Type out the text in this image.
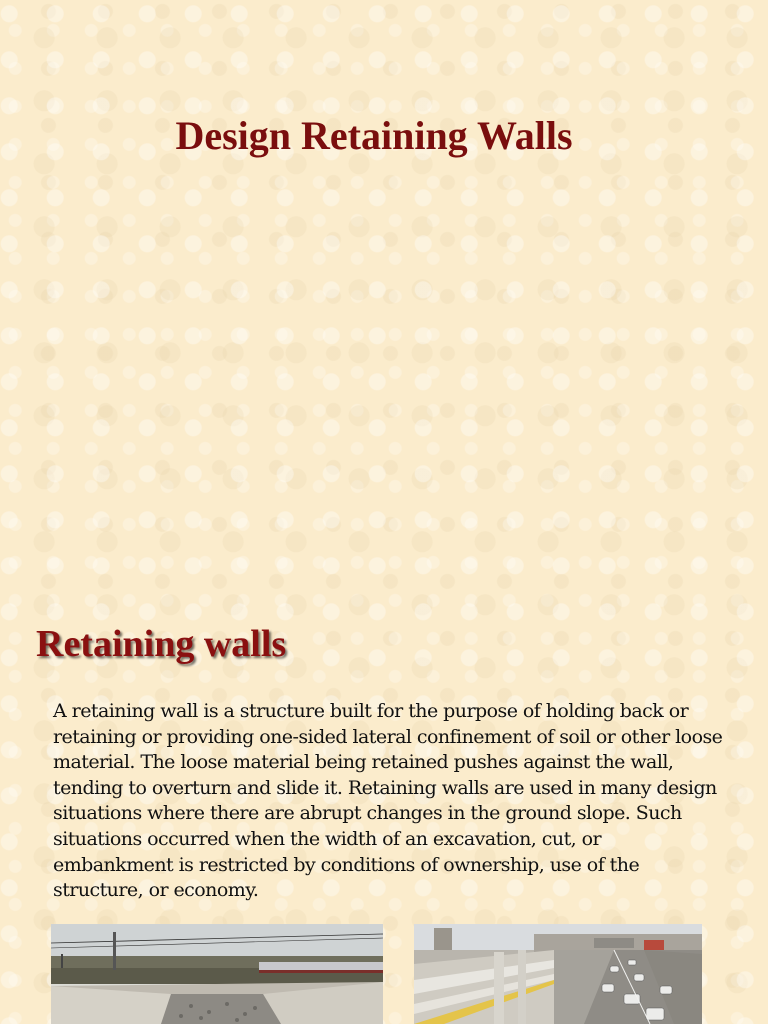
Design Retaining Walls
Retaining walls

A retaining wall is a structure built for the purpose of holding back or retaining or providing one-sided lateral confinement of soil or other loose material. The loose material being retained pushes against the wall, tending to overturn and slide it. Retaining walls are used in many design situations where there are abrupt changes in the ground slope. Such situations occurred when the width of an excavation, cut, or embankment is restricted by conditions of ownership, use of the structure, or economy.
